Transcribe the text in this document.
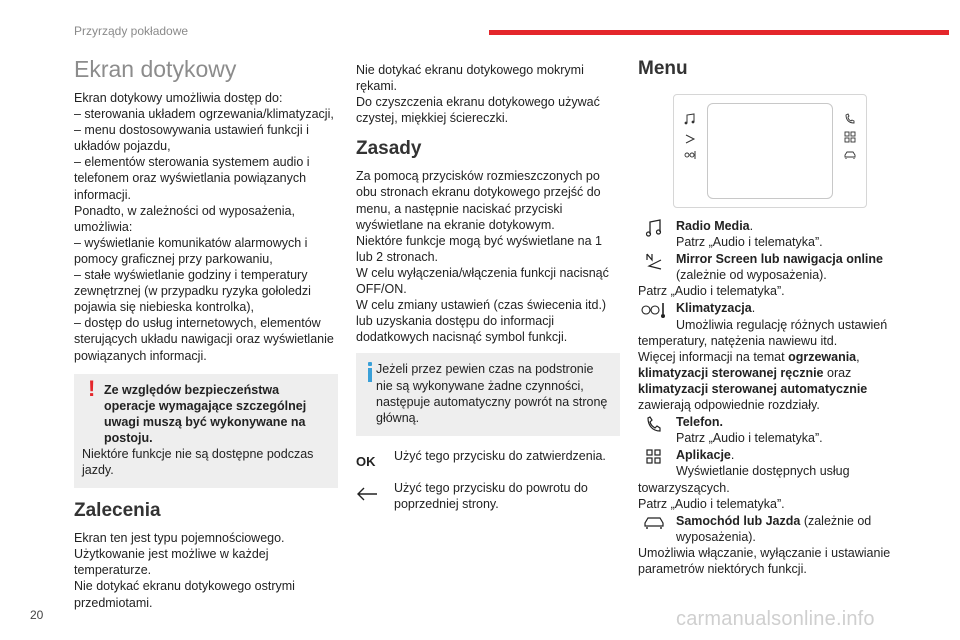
Przyrządy pokładowe
Ekran dotykowy
Ekran dotykowy umożliwia dostęp do:
– sterowania układem ogrzewania/klimatyzacji,
– menu dostosowywania ustawień funkcji i układów pojazdu,
– elementów sterowania systemem audio i telefonem oraz wyświetlania powiązanych informacji.
Ponadto, w zależności od wyposażenia, umożliwia:
– wyświetlanie komunikatów alarmowych i pomocy graficznej przy parkowaniu,
– stałe wyświetlanie godziny i temperatury zewnętrznej (w przypadku ryzyka gołoledzi pojawia się niebieska kontrolka),
– dostęp do usług internetowych, elementów sterujących układu nawigacji oraz wyświetlanie powiązanych informacji.
! Ze względów bezpieczeństwa
operacje wymagające szczególnej uwagi muszą być wykonywane na postoju.
Niektóre funkcje nie są dostępne podczas jazdy.
Zalecenia
Ekran ten jest typu pojemnościowego.
Użytkowanie jest możliwe w każdej temperaturze.
Nie dotykać ekranu dotykowego ostrymi przedmiotami.
Nie dotykać ekranu dotykowego mokrymi rękami.
Do czyszczenia ekranu dotykowego używać czystej, miękkiej ściereczki.
Zasady
Za pomocą przycisków rozmieszczonych po obu stronach ekranu dotykowego przejść do menu, a następnie naciskać przyciski wyświetlane na ekranie dotykowym.
Niektóre funkcje mogą być wyświetlane na 1 lub 2 stronach.
W celu wyłączenia/włączenia funkcji nacisnąć OFF/ON.
W celu zmiany ustawień (czas świecenia itd.) lub uzyskania dostępu do informacji dodatkowych nacisnąć symbol funkcji.
Jeżeli przez pewien czas na podstronie
nie są wykonywane żadne czynności, następuje automatyczny powrót na stronę główną.
OK	Użyć tego przycisku do zatwierdzenia.
Użyć tego przycisku do powrotu do poprzedniej strony.
Menu
Radio Media.
Patrz „Audio i telematyka”.
Mirror Screen lub nawigacja online
(zależnie od wyposażenia).
Patrz „Audio i telematyka”.
Klimatyzacja.
Umożliwia regulację różnych ustawień
temperatury, natężenia nawiewu itd.
Więcej informacji na temat ogrzewania,
klimatyzacji sterowanej ręcznie oraz
klimatyzacji sterowanej automatycznie
zawierają odpowiednie rozdziały.
Telefon.
Patrz „Audio i telematyka”.
Aplikacje.
Wyświetlanie dostępnych usług
towarzyszących.
Patrz „Audio i telematyka”.
Samochód lub Jazda (zależnie od
wyposażenia).
Umożliwia włączanie, wyłączanie i ustawianie parametrów niektórych funkcji.
20	carmanualsonline.info
